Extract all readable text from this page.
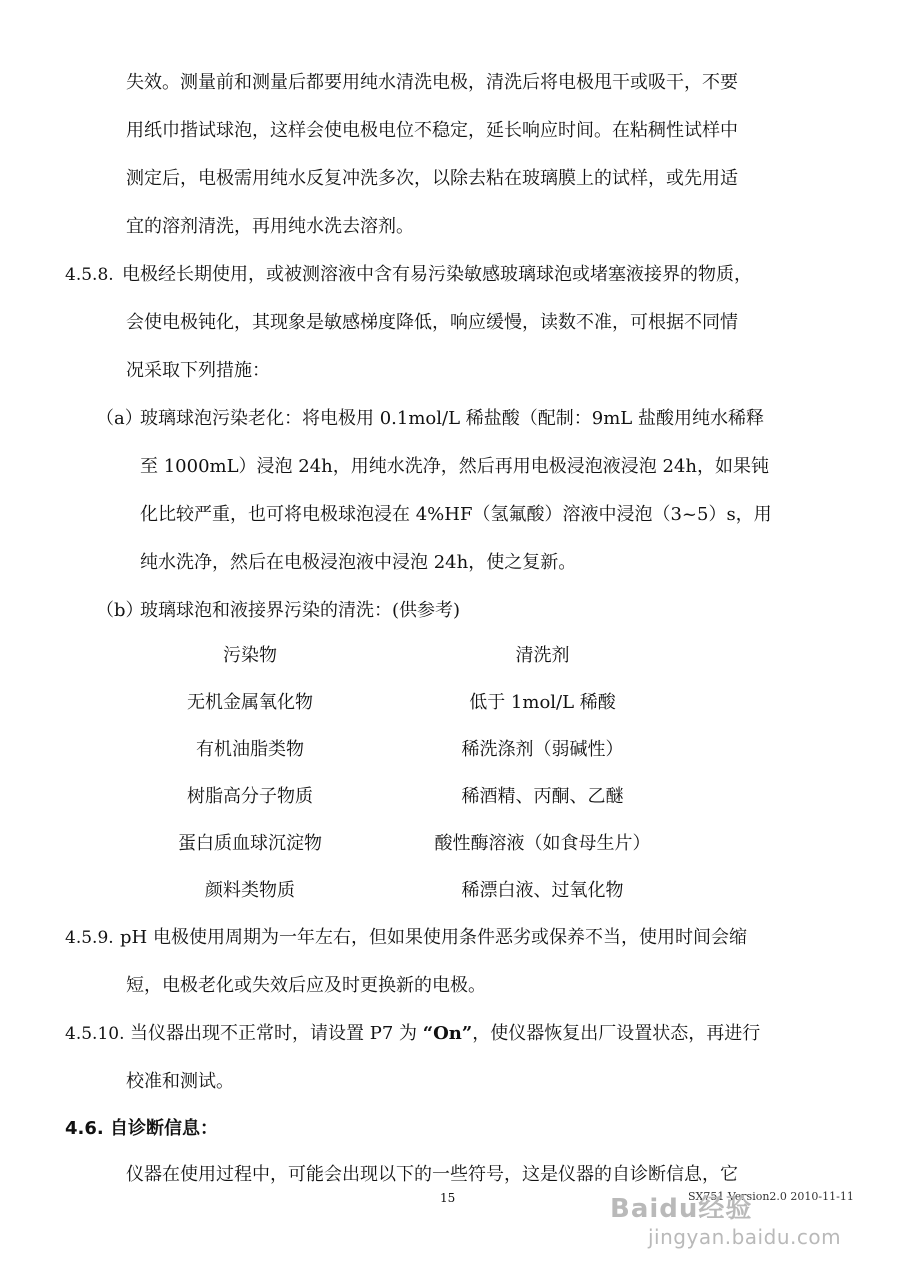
失效。测量前和测量后都要用纯水清洗电极，清洗后将电极甩干或吸干，不要
用纸巾揩试球泡，这样会使电极电位不稳定，延长响应时间。在粘稠性试样中
测定后，电极需用纯水反复冲洗多次，以除去粘在玻璃膜上的试样，或先用适
宜的溶剂清洗，再用纯水洗去溶剂。
4.5.8. 电极经长期使用，或被测溶液中含有易污染敏感玻璃球泡或堵塞液接界的物质，
会使电极钝化，其现象是敏感梯度降低，响应缓慢，读数不准，可根据不同情
况采取下列措施：
（a）
玻璃球泡污染老化：将电极用 0.1mol/L 稀盐酸（配制：9mL 盐酸用纯水稀释
至 1000mL）浸泡 24h，用纯水洗净，然后再用电极浸泡液浸泡 24h，如果钝
化比较严重，也可将电极球泡浸在 4%HF（氢氟酸）溶液中浸泡（3~5）s，用
纯水洗净，然后在电极浸泡液中浸泡 24h，使之复新。
（b）
玻璃球泡和液接界污染的清洗：(供参考)
污染物	清洗剂
无机金属氧化物	低于 1mol/L 稀酸
有机油脂类物	稀洗涤剂（弱碱性）
树脂高分子物质	稀酒精、丙酮、乙醚
蛋白质血球沉淀物	酸性酶溶液（如食母生片）
颜料类物质	稀漂白液、过氧化物
4.5.9. pH 电极使用周期为一年左右，但如果使用条件恶劣或保养不当，使用时间会缩
短，电极老化或失效后应及时更换新的电极。
4.5.10. 当仪器出现不正常时，请设置 P7 为 “On”，使仪器恢复出厂设置状态，再进行
校准和测试。
4.6. 自诊断信息：
仪器在使用过程中，可能会出现以下的一些符号，这是仪器的自诊断信息，它
15	SX751 Version2.0 2010-11-11
Baidu经验
jingyan.baidu.com
